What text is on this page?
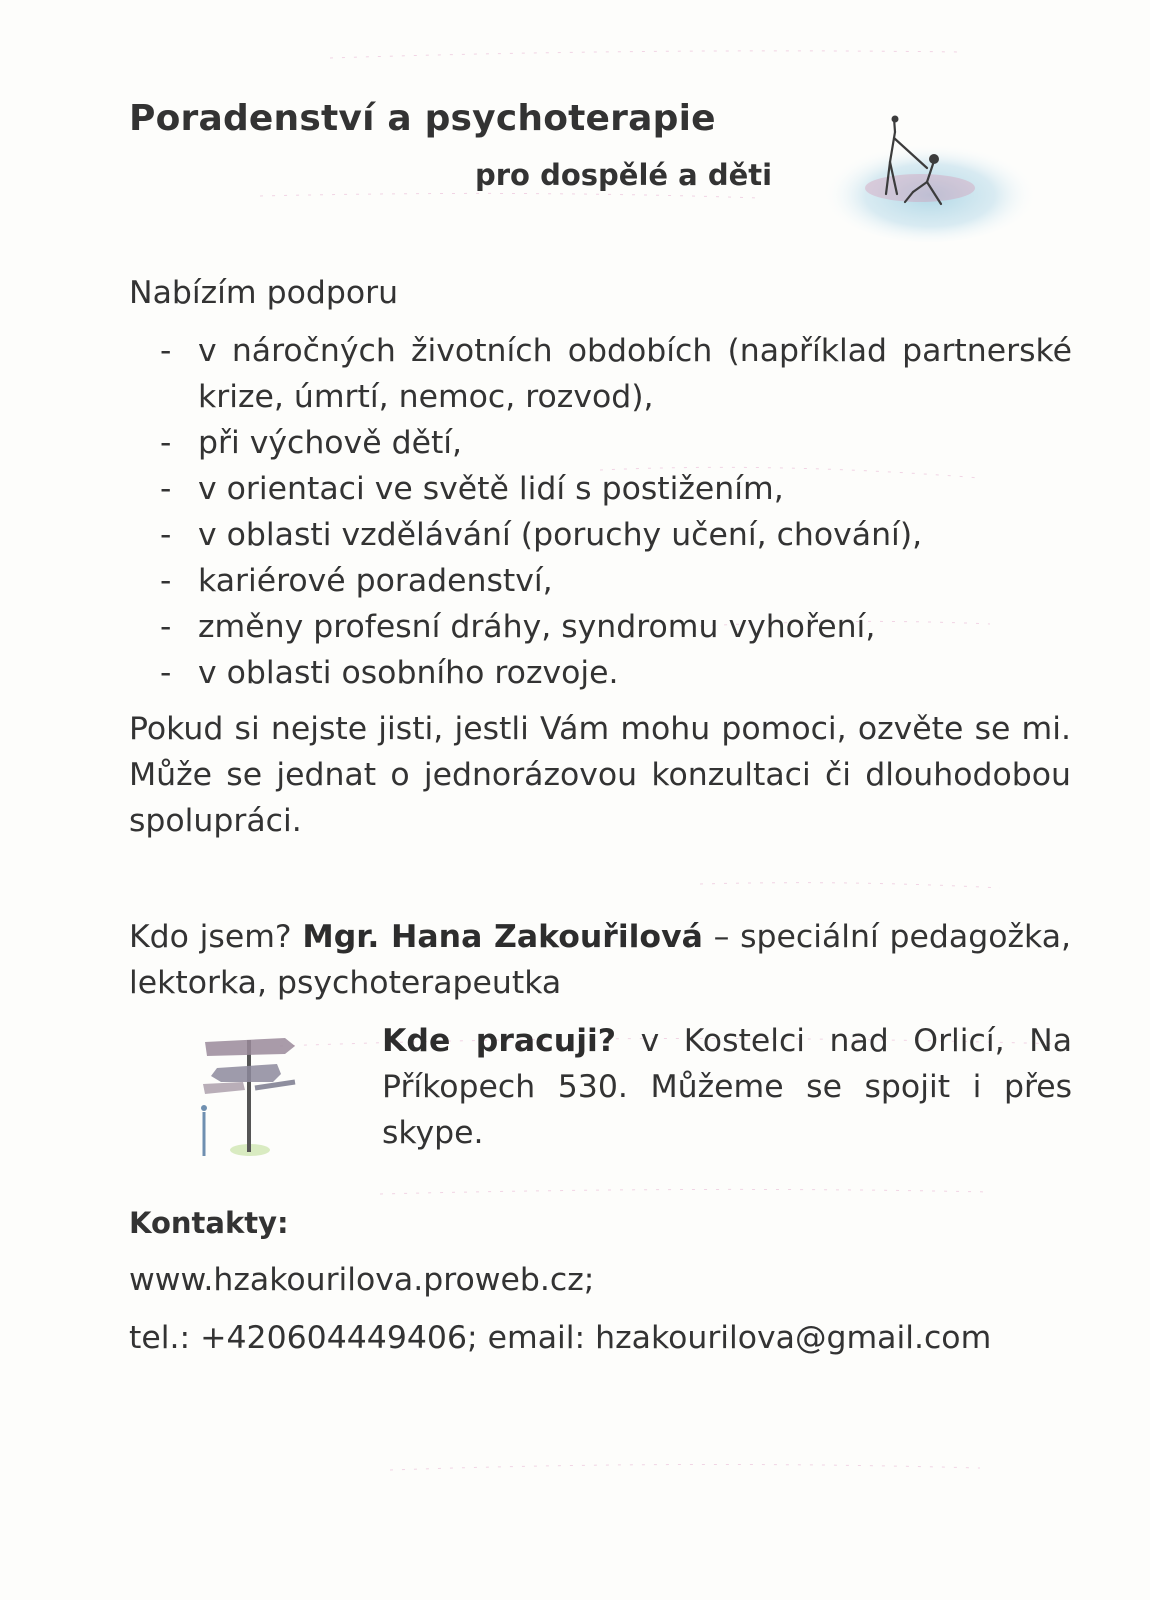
Poradenství a psychoterapie
pro dospělé a děti
Nabízím podporu
- v náročných životních obdobích (například partnerské krize, úmrtí, nemoc, rozvod),
- při výchově dětí,
- v orientaci ve světě lidí s postižením,
- v oblasti vzdělávání (poruchy učení, chování),
- kariérové poradenství,
- změny profesní dráhy, syndromu vyhoření,
- v oblasti osobního rozvoje.
Pokud si nejste jisti, jestli Vám mohu pomoci, ozvěte se mi. Může se jednat o jednorázovou konzultaci či dlouhodobou spolupráci.
Kdo jsem? Mgr. Hana Zakouřilová – speciální pedagožka, lektorka, psychoterapeutka
Kde pracuji? v Kostelci nad Orlicí, Na Příkopech 530. Můžeme se spojit i přes skype.
Kontakty:
www.hzakourilova.proweb.cz;
tel.: +420604449406; email: hzakourilova@gmail.com
